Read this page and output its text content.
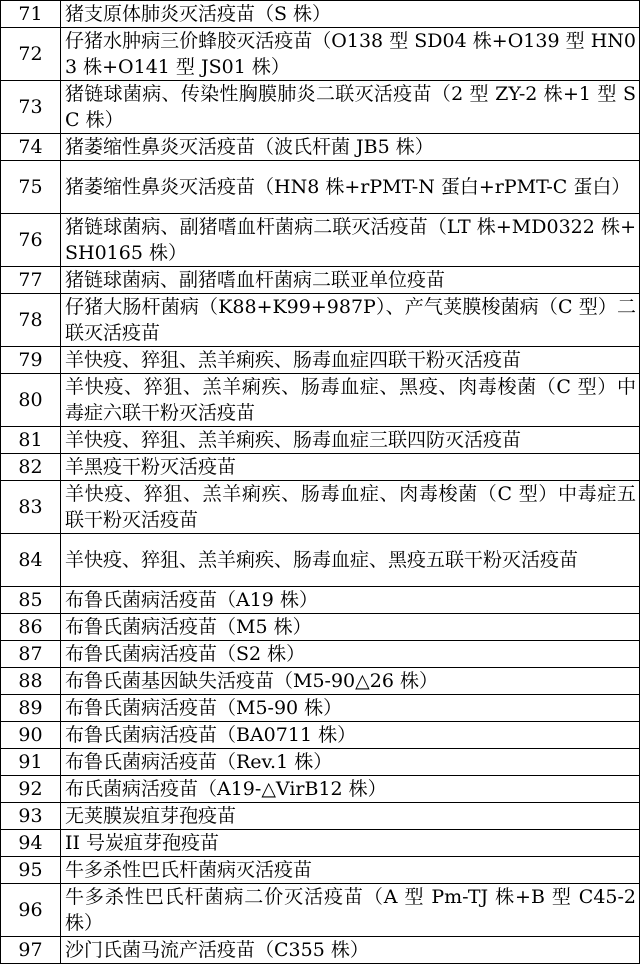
71	猪支原体肺炎灭活疫苗（S 株）
72	仔猪水肿病三价蜂胶灭活疫苗（O138 型 SD04 株+O139 型 HN03 株+O141 型 JS01 株）
73	猪链球菌病、传染性胸膜肺炎二联灭活疫苗（2 型 ZY-2 株+1 型 SC 株）
74	猪萎缩性鼻炎灭活疫苗（波氏杆菌 JB5 株）
75	猪萎缩性鼻炎灭活疫苗（HN8 株+rPMT-N 蛋白+rPMT-C 蛋白）
76	猪链球菌病、副猪嗜血杆菌病二联灭活疫苗（LT 株+MD0322 株+SH0165 株）
77	猪链球菌病、副猪嗜血杆菌病二联亚单位疫苗
78	仔猪大肠杆菌病（K88+K99+987P）、产气荚膜梭菌病（C 型）二联灭活疫苗
79	羊快疫、猝狙、羔羊痢疾、肠毒血症四联干粉灭活疫苗
80	羊快疫、猝狙、羔羊痢疾、肠毒血症、黑疫、肉毒梭菌（C 型）中毒症六联干粉灭活疫苗
81	羊快疫、猝狙、羔羊痢疾、肠毒血症三联四防灭活疫苗
82	羊黑疫干粉灭活疫苗
83	羊快疫、猝狙、羔羊痢疾、肠毒血症、肉毒梭菌（C 型）中毒症五联干粉灭活疫苗
84	羊快疫、猝狙、羔羊痢疾、肠毒血症、黑疫五联干粉灭活疫苗
85	布鲁氏菌病活疫苗（A19 株）
86	布鲁氏菌病活疫苗（M5 株）
87	布鲁氏菌病活疫苗（S2 株）
88	布鲁氏菌基因缺失活疫苗（M5-90△26 株）
89	布鲁氏菌病活疫苗（M5-90 株）
90	布鲁氏菌病活疫苗（BA0711 株）
91	布鲁氏菌病活疫苗（Rev.1 株）
92	布氏菌病活疫苗（A19-△VirB12 株）
93	无荚膜炭疽芽孢疫苗
94	II 号炭疽芽孢疫苗
95	牛多杀性巴氏杆菌病灭活疫苗
96	牛多杀性巴氏杆菌病二价灭活疫苗（A 型 Pm-TJ 株+B 型 C45-2 株）
97	沙门氏菌马流产活疫苗（C355 株）
